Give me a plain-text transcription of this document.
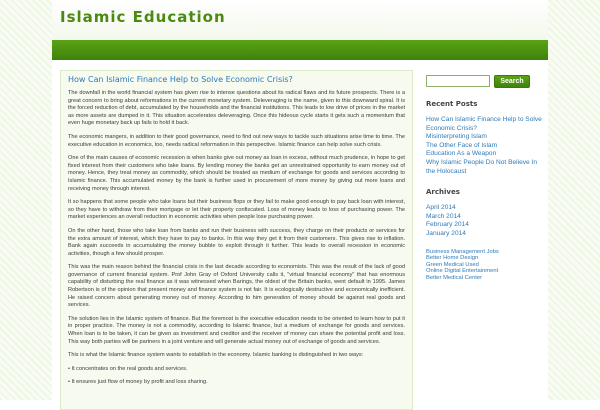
Islamic Education
How Can Islamic Finance Help to Solve Economic Crisis?

The downfall in the world financial system has given rise to intense questions about its radical flaws and its future prospects. There is a great concern to bring about reformations in the current monetary system. Deleveraging is the name, given to this downward spiral. It is the forced reduction of debt, accumulated by the households and the financial institutions. This leads to low drive of prices in the market as more assets are dumped in it. This situation accelerates deleveraging. Once this hideous cycle starts it gets such a momentum that even huge monetary back up fails to hold it back.

The economic mangers, in addition to their good governance, need to find out new ways to tackle such situations arise time to time. The executive education in economics, too, needs radical reformation in this perspective. Islamic finance can help solve such crisis.

One of the main causes of economic recession is when banks give out money as loan in excess, without much prudence, in hope to get fixed interest from their customers who take loans. By lending money the banks get an unrestrained opportunity to earn money out of money. Hence, they treat money as commodity, which should be treated as medium of exchange for goods and services according to Islamic finance. This accumulated money by the bank is further used in procurement of more money by giving out more loans and receiving money through interest.

It so happens that some people who take loans but their business flops or they fail to make good enough to pay back loan with interest, so they have to withdraw from their mortgage or let their property confiscated. Loss of money leads to loss of purchasing power. The market experiences an overall reduction in economic activities when people lose purchasing power.

On the other hand, those who take loan from banks and run their business with success, they charge on their products or services for the extra amount of interest, which they have to pay to banks. In this way they get it from their customers. This gives rise to inflation. Bank again succeeds in accumulating the money bubble to exploit through it further. This leads to overall recession in economic activities, though a few should prosper.

This was the main reason behind the financial crisis in the last decade according to economists. This was the result of the lack of good governance of current financial system. Prof John Gray of Oxford University calls it, "virtual financial economy" that has enormous capability of disturbing the real finance as it was witnessed when Barings, the oldest of the Britain banks, went default in 1995. James Robertson is of the opinion that present money and finance system is not fair. It is ecologically destructive and economically inefficient. He raised concern about generating money out of money. According to him generation of money should be against real goods and services.

The solution lies in the Islamic system of finance. But the foremost is the executive education needs to be oriented to learn how to put it in proper practice. The money is not a commodity, according to Islamic finance, but a medium of exchange for goods and services. When loan is to be taken, it can be given as investment and creditor and the receiver of money can share the potential profit and loss. This way both parties will be partners in a joint venture and will generate actual money out of exchange of goods and services.

This is what the Islamic finance system wants to establish in the economy. Islamic banking is distinguished in two ways:

• It concentrates on the real goods and services.

• It ensures just flow of money by profit and loss sharing.

Search
Recent Posts
How Can Islamic Finance Help to Solve Economic Crisis?
Misinterpreting Islam
The Other Face of Islam
Education As a Weapon
Why Islamic People Do Not Believe In the Holocaust
Archives
April 2014
March 2014
February 2014
January 2014
Business Management Jobs
Better Home Design
Green Medical Used
Online Digital Entertainment
Better Medical Center
